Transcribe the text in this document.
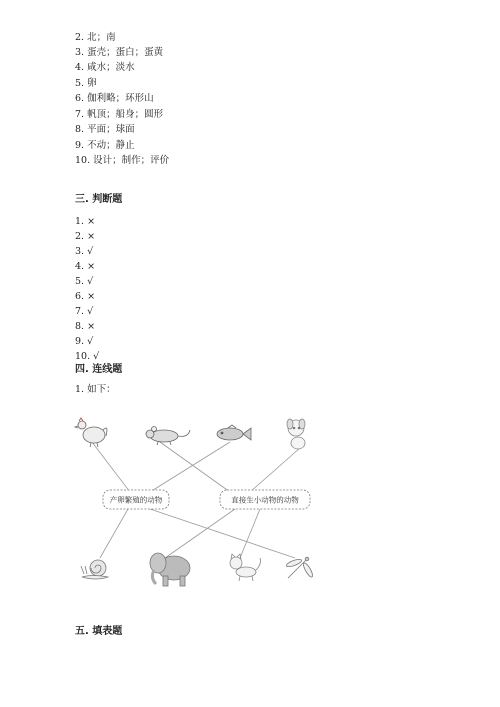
2. 北；南
3. 蛋壳；蛋白；蛋黄
4. 咸水；淡水
5. 卵
6. 伽利略；环形山
7. 帆顶；船身；圆形
8. 平面；球面
9. 不动；静止
10. 设计；制作；评价
三. 判断题
1. ×
2. ×
3. √
4. ×
5. √
6. ×
7. √
8. ×
9. √
10. √
四. 连线题
1. 如下：
产卵繁殖的动物	直接生小动物的动物
五. 填表题
